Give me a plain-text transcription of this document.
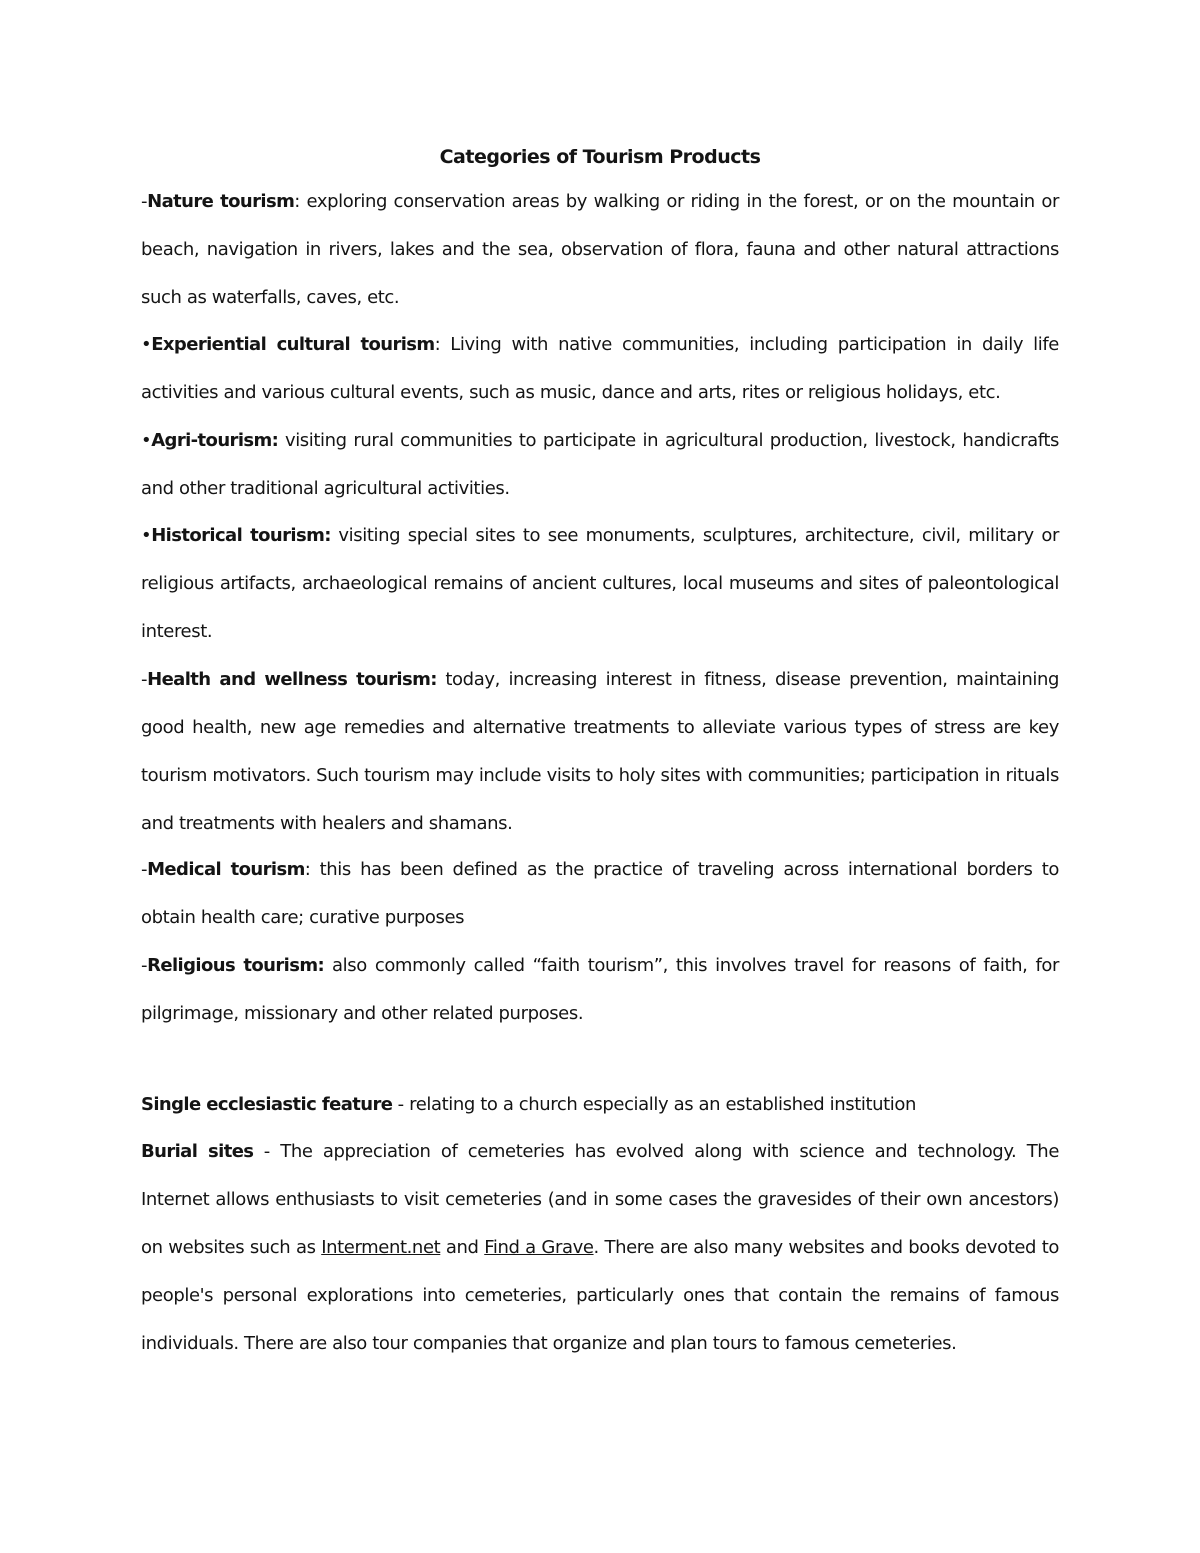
Categories of Tourism Products

-Nature tourism: exploring conservation areas by walking or riding in the forest, or on the mountain or beach, navigation in rivers, lakes and the sea, observation of flora, fauna and other natural attractions such as waterfalls, caves, etc.

•Experiential cultural tourism: Living with native communities, including participation in daily life activities and various cultural events, such as music, dance and arts, rites or religious holidays, etc.

•Agri-tourism: visiting rural communities to participate in agricultural production, livestock, handicrafts and other traditional agricultural activities.

•Historical tourism: visiting special sites to see monuments, sculptures, architecture, civil, military or religious artifacts, archaeological remains of ancient cultures, local museums and sites of paleontological interest.

-Health and wellness tourism: today, increasing interest in fitness, disease prevention, maintaining good health, new age remedies and alternative treatments to alleviate various types of stress are key tourism motivators. Such tourism may include visits to holy sites with communities; participation in rituals and treatments with healers and shamans.

-Medical tourism: this has been defined as the practice of traveling across international borders to obtain health care; curative purposes

-Religious tourism: also commonly called “faith tourism”, this involves travel for reasons of faith, for pilgrimage, missionary and other related purposes.

Single ecclesiastic feature - relating to a church especially as an established institution

Burial sites - The appreciation of cemeteries has evolved along with science and technology. The Internet allows enthusiasts to visit cemeteries (and in some cases the gravesides of their own ancestors) on websites such as Interment.net and Find a Grave. There are also many websites and books devoted to people's personal explorations into cemeteries, particularly ones that contain the remains of famous individuals. There are also tour companies that organize and plan tours to famous cemeteries.
